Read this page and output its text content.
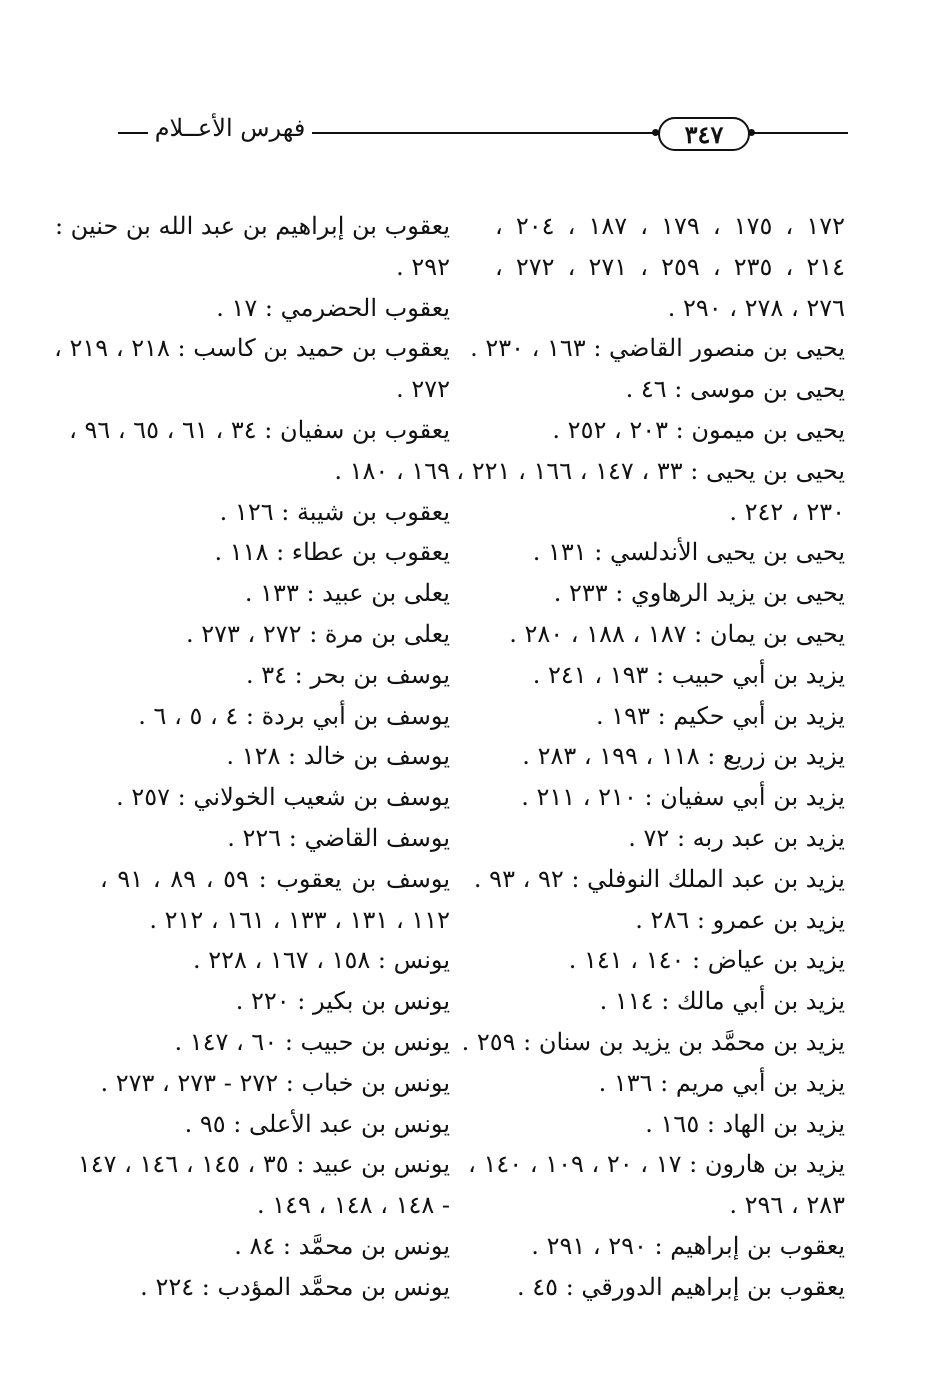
٣٤٧
فهرس الأعــلام
١٧٢ ، ١٧٥ ، ١٧٩ ، ١٨٧ ، ٢٠٤ ،
٢١٤ ، ٢٣٥ ، ٢٥٩ ، ٢٧١ ، ٢٧٢ ،
٢٧٦ ، ٢٧٨ ، ٢٩٠ .
يحيى بن منصور القاضي : ١٦٣ ، ٢٣٠ .
يحيى بن موسى : ٤٦ .
يحيى بن ميمون : ٢٠٣ ، ٢٥٢ .
يحيى بن يحيى : ٣٣ ، ١٤٧ ، ١٦٦ ، ٢٢١ ،
٢٣٠ ، ٢٤٢ .
يحيى بن يحيى الأندلسي : ١٣١ .
يحيى بن يزيد الرهاوي : ٢٣٣ .
يحيى بن يمان : ١٨٧ ، ١٨٨ ، ٢٨٠ .
يزيد بن أبي حبيب : ١٩٣ ، ٢٤١ .
يزيد بن أبي حكيم : ١٩٣ .
يزيد بن زريع : ١١٨ ، ١٩٩ ، ٢٨٣ .
يزيد بن أبي سفيان : ٢١٠ ، ٢١١ .
يزيد بن عبد ربه : ٧٢ .
يزيد بن عبد الملك النوفلي : ٩٢ ، ٩٣ .
يزيد بن عمرو : ٢٨٦ .
يزيد بن عياض : ١٤٠ ، ١٤١ .
يزيد بن أبي مالك : ١١٤ .
يزيد بن محمَّد بن يزيد بن سنان : ٢٥٩ .
يزيد بن أبي مريم : ١٣٦ .
يزيد بن الهاد : ١٦٥ .
يزيد بن هارون : ١٧ ، ٢٠ ، ١٠٩ ، ١٤٠ ،
٢٨٣ ، ٢٩٦ .
يعقوب بن إبراهيم : ٢٩٠ ، ٢٩١ .
يعقوب بن إبراهيم الدورقي : ٤٥ .
يعقوب بن إبراهيم بن عبد الله بن حنين :
٢٩٢ .
يعقوب الحضرمي : ١٧ .
يعقوب بن حميد بن كاسب : ٢١٨ ، ٢١٩ ،
٢٧٢ .
يعقوب بن سفيان : ٣٤ ، ٦١ ، ٦٥ ، ٩٦ ،
١٦٩ ، ١٨٠ .
يعقوب بن شيبة : ١٢٦ .
يعقوب بن عطاء : ١١٨ .
يعلى بن عبيد : ١٣٣ .
يعلى بن مرة : ٢٧٢ ، ٢٧٣ .
يوسف بن بحر : ٣٤ .
يوسف بن أبي بردة : ٤ ، ٥ ، ٦ .
يوسف بن خالد : ١٢٨ .
يوسف بن شعيب الخولاني : ٢٥٧ .
يوسف القاضي : ٢٢٦ .
يوسف بن يعقوب : ٥٩ ، ٨٩ ، ٩١ ،
١١٢ ، ١٣١ ، ١٣٣ ، ١٦١ ، ٢١٢ .
يونس : ١٥٨ ، ١٦٧ ، ٢٢٨ .
يونس بن بكير : ٢٢٠ .
يونس بن حبيب : ٦٠ ، ١٤٧ .
يونس بن خباب : ٢٧٢ - ٢٧٣ ، ٢٧٣ .
يونس بن عبد الأعلى : ٩٥ .
يونس بن عبيد : ٣٥ ، ١٤٥ ، ١٤٦ ، ١٤٧
- ١٤٨ ، ١٤٨ ، ١٤٩ .
يونس بن محمَّد : ٨٤ .
يونس بن محمَّد المؤدب : ٢٢٤ .
